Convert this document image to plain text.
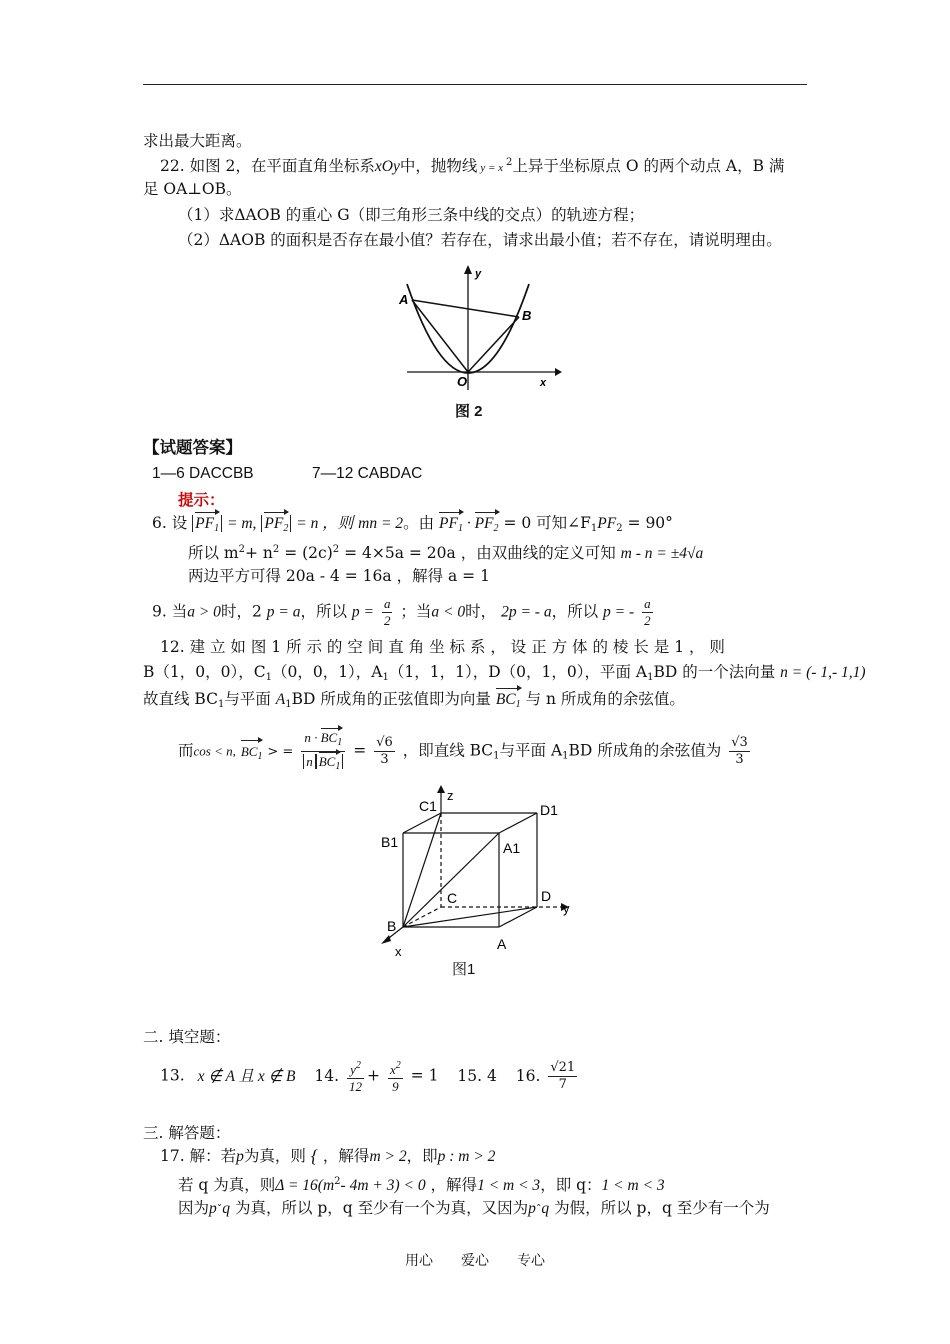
求出最大距离。
22. 如图 2，在平面直角坐标系xOy中，抛物线 y = x $^2$上异于坐标原点 O 的两个动点 A，B 满
足 OA⊥OB。
（1）求ΔAOB 的重心 G（即三角形三条中线的交点）的轨迹方程；
（2）ΔAOB 的面积是否存在最小值？若存在，请求出最小值；若不存在，请说明理由。
A
B
O	x
y
图 2
【试题答案】
1—6 DACCBB	7—12 CABDAC
提示：
6. 设 $PF_1 = m$, $PF_2 = n$ ，则 mn = 2。由 $PF_1 \cdot PF_2 = 0$ 可知$\angle F_1PF_2 = 90^\circ$
所以 $m^2+ n^2 = (2c)^2 = 4\times 5a = 20a$ ，由双曲线的定义可知 m - n = ±4√a
两边平方可得 20a - 4 = 16a ，解得 a = 1
9. 当a > 0时，2 p = a，所以 $p = \frac{a}{2}$ ；当a < 0时， 2p = - a，所以 p = - $\frac{a}{2}$
12. 建 立 如 图 1 所 示 的 空 间 直 角 坐 标 系 ， 设 正 方 体 的 棱 长 是 1 ， 则
B（1，0，0），$C_1(0$，0，1），$A_1(1$，1，1），D（0，1，0），平面 $A_1BD$ 的一个法向量 n = (- 1,- 1,1)
故直线 $BC_1$与平面 $A_1BD$ 所成角的正弦值即为向量 $BC_1$ 与 n 所成角的余弦值。
而cos < n, $BC_1$ > = $\frac{n \cdot BC_1}{n BC_1} = \frac{√6}{3}$ ，即直线 $BC_1$与平面 $A_1BD$ 所成角的余弦值为 $\frac{√3}{3}$
z
y
x
C1	D1
B1	A1
C	D
B
A
图1
二. 填空题：
13. x ∉ A 且 x ∉ B 14. $\frac{y^2}{12} + \frac{x^2}{9} = 1$ 15. 4 16. $\frac{√21}{7}$
三. 解答题：
17. 解：若p为真，则 { ，解得m > 2，即p : m > 2
若 q 为真，则$\Delta = 16(m^2-$ 4m + 3) < 0 ，解得1 < m < 3，即 q：1 < m < 3
因为pˇq 为真，所以 p，q 至少有一个为真，又因为pˆq 为假，所以 p，q 至少有一个为
用心 爱心 专心
